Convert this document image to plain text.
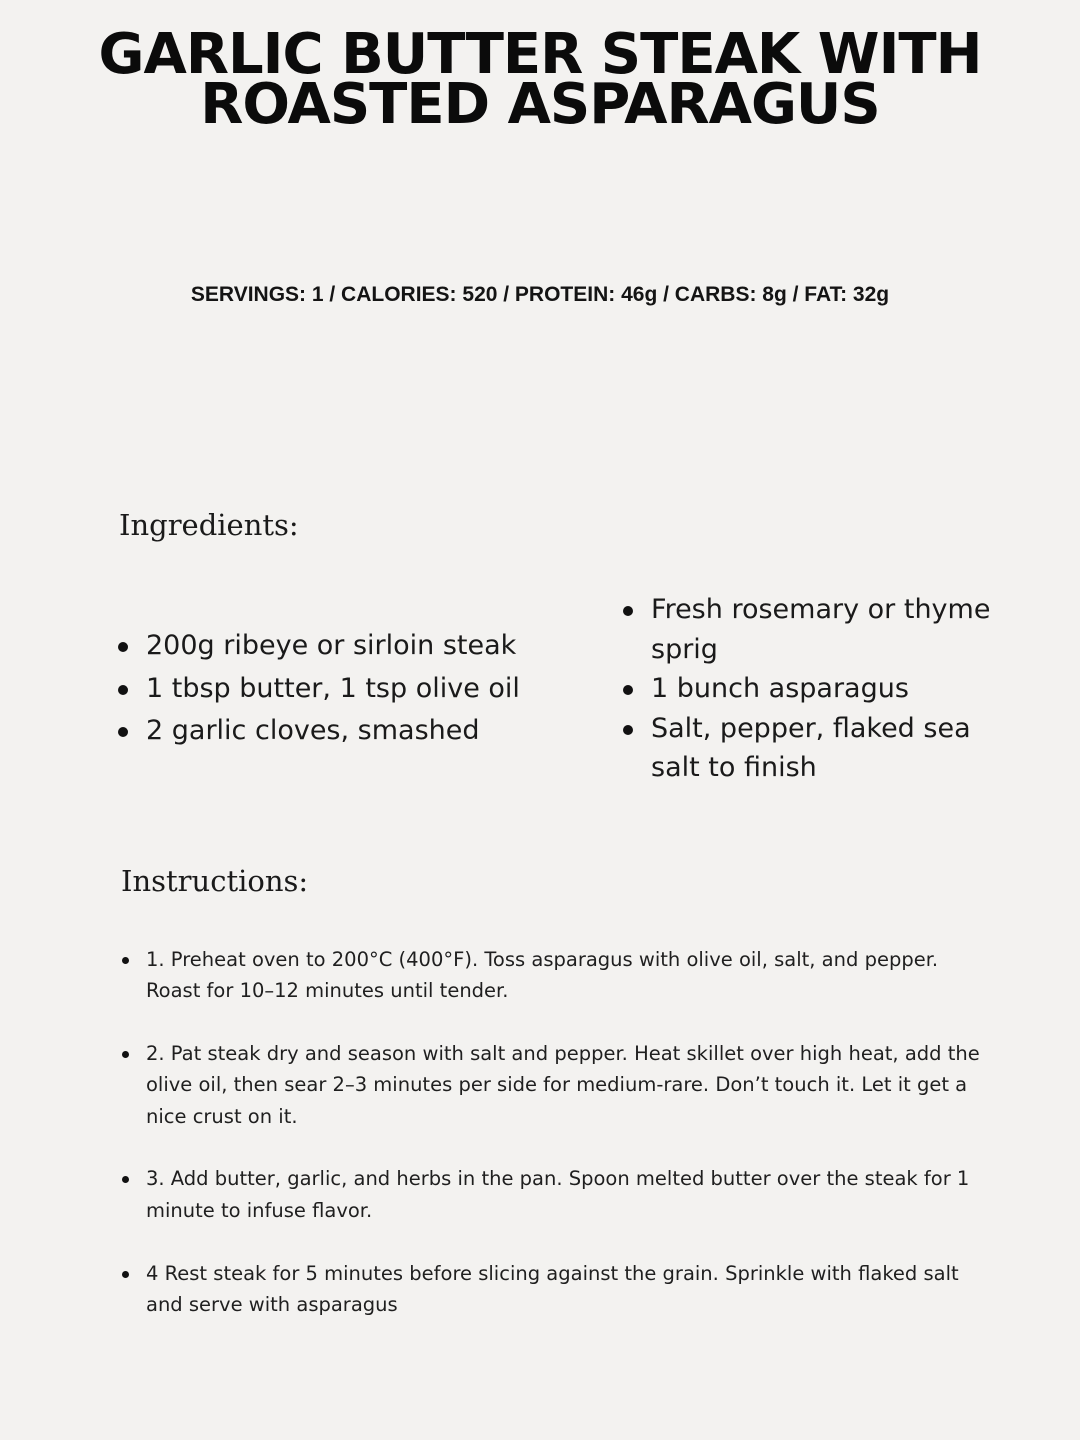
GARLIC BUTTER STEAK WITH
ROASTED ASPARAGUS
SERVINGS: 1 / CALORIES: 520 / PROTEIN: 46g / CARBS: 8g / FAT: 32g
Ingredients:
200g ribeye or sirloin steak
1 tbsp butter, 1 tsp olive oil
2 garlic cloves, smashed
Fresh rosemary or thyme sprig
1 bunch asparagus
Salt, pepper, flaked sea salt to finish
Instructions:
1. Preheat oven to 200°C (400°F). Toss asparagus with olive oil, salt, and pepper. Roast for 10–12 minutes until tender.
2. Pat steak dry and season with salt and pepper. Heat skillet over high heat, add the olive oil, then sear 2–3 minutes per side for medium-rare. Don’t touch it. Let it get a nice crust on it.
3. Add butter, garlic, and herbs in the pan. Spoon melted butter over the steak for 1 minute to infuse flavor.
4 Rest steak for 5 minutes before slicing against the grain. Sprinkle with flaked salt and serve with asparagus
